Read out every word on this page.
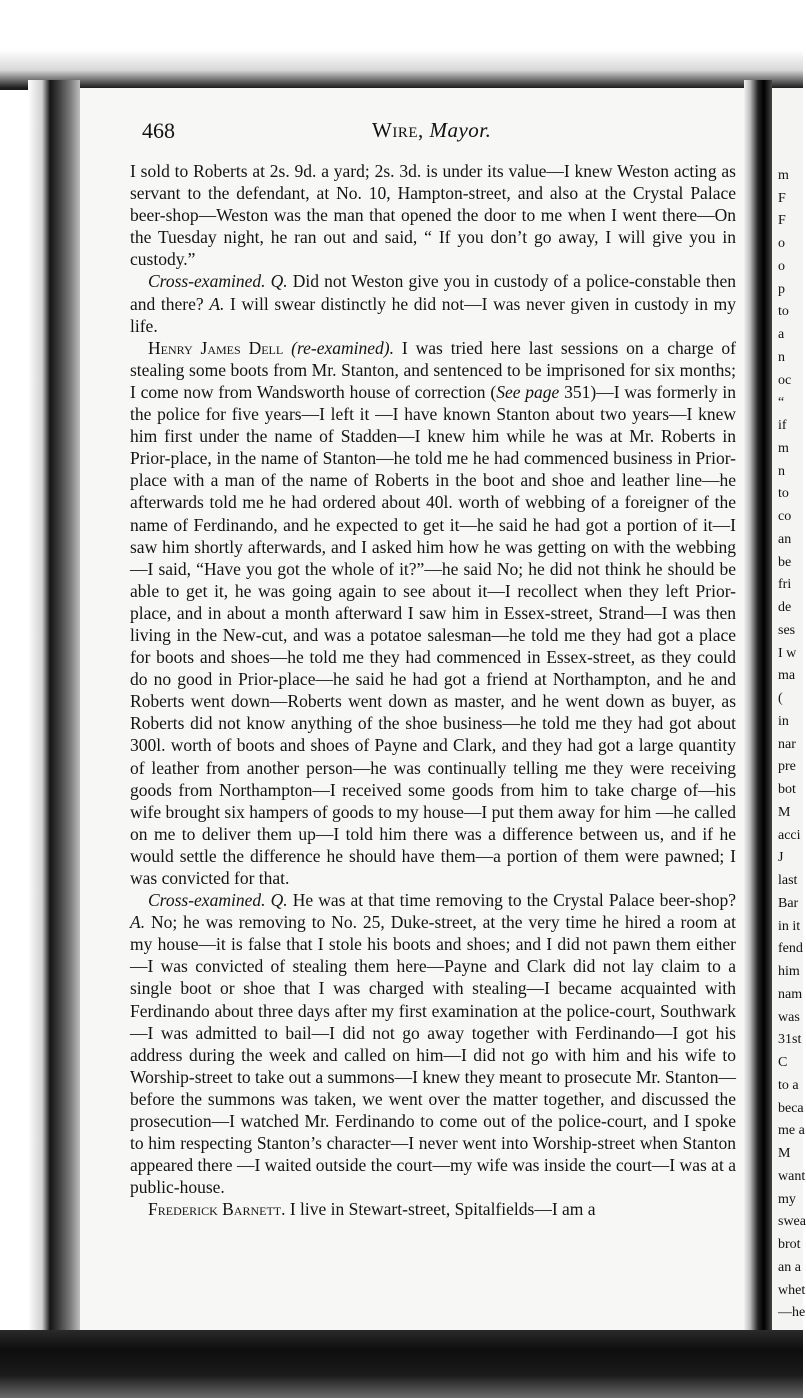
m
F
F
o
o
p
to
a
n
oc
“
if
m
n
to
co
an
be
fri
de
ses
I w
ma
(
in
nar
pre
bot
M
acci
J
last
Bar
in it
fend
him
nam
was
31st
C
to a
beca
me a
M
want
my
swea
brot
an a
whet
—he
468	Wire, Mayor.

I sold to Roberts at 2s. 9d. a yard; 2s. 3d. is under its value—I knew Weston acting as servant to the defendant, at No. 10, Hampton-street, and also at the Crystal Palace beer-shop—Weston was the man that opened the door to me when I went there—On the Tuesday night, he ran out and said, “ If you don’t go away, I will give you in custody.”

Cross-examined. Q. Did not Weston give you in custody of a police-constable then and there? A. I will swear distinctly he did not—I was never given in custody in my life.

Henry James Dell (re-examined). I was tried here last sessions on a charge of stealing some boots from Mr. Stanton, and sentenced to be imprisoned for six months; I come now from Wandsworth house of correction (See page 351)—I was formerly in the police for five years—I left it —I have known Stanton about two years—I knew him first under the name of Stadden—I knew him while he was at Mr. Roberts in Prior-place, in the name of Stanton—he told me he had commenced business in Prior-place with a man of the name of Roberts in the boot and shoe and leather line—he afterwards told me he had ordered about 40l. worth of webbing of a foreigner of the name of Ferdinando, and he expected to get it—he said he had got a portion of it—I saw him shortly afterwards, and I asked him how he was getting on with the webbing—I said, “Have you got the whole of it?”—he said No; he did not think he should be able to get it, he was going again to see about it—I recollect when they left Prior-place, and in about a month afterward I saw him in Essex-street, Strand—I was then living in the New-cut, and was a potatoe salesman—he told me they had got a place for boots and shoes—he told me they had commenced in Essex-street, as they could do no good in Prior-place—he said he had got a friend at Northampton, and he and Roberts went down—Roberts went down as master, and he went down as buyer, as Roberts did not know anything of the shoe business—he told me they had got about 300l. worth of boots and shoes of Payne and Clark, and they had got a large quantity of leather from another person—he was continually telling me they were receiving goods from Northampton—I received some goods from him to take charge of—his wife brought six hampers of goods to my house—I put them away for him —he called on me to deliver them up—I told him there was a difference between us, and if he would settle the difference he should have them—a portion of them were pawned; I was convicted for that.

Cross-examined. Q. He was at that time removing to the Crystal Palace beer-shop? A. No; he was removing to No. 25, Duke-street, at the very time he hired a room at my house—it is false that I stole his boots and shoes; and I did not pawn them either—I was convicted of stealing them here—Payne and Clark did not lay claim to a single boot or shoe that I was charged with stealing—I became acquainted with Ferdinando about three days after my first examination at the police-court, Southwark—I was admitted to bail—I did not go away together with Ferdinando—I got his address during the week and called on him—I did not go with him and his wife to Worship-street to take out a summons—I knew they meant to prosecute Mr. Stanton—before the summons was taken, we went over the matter together, and discussed the prosecution—I watched Mr. Ferdinando to come out of the police-court, and I spoke to him respecting Stanton’s character—I never went into Worship-street when Stanton appeared there —I waited outside the court—my wife was inside the court—I was at a public-house.

Frederick Barnett. I live in Stewart-street, Spitalfields—I am a
